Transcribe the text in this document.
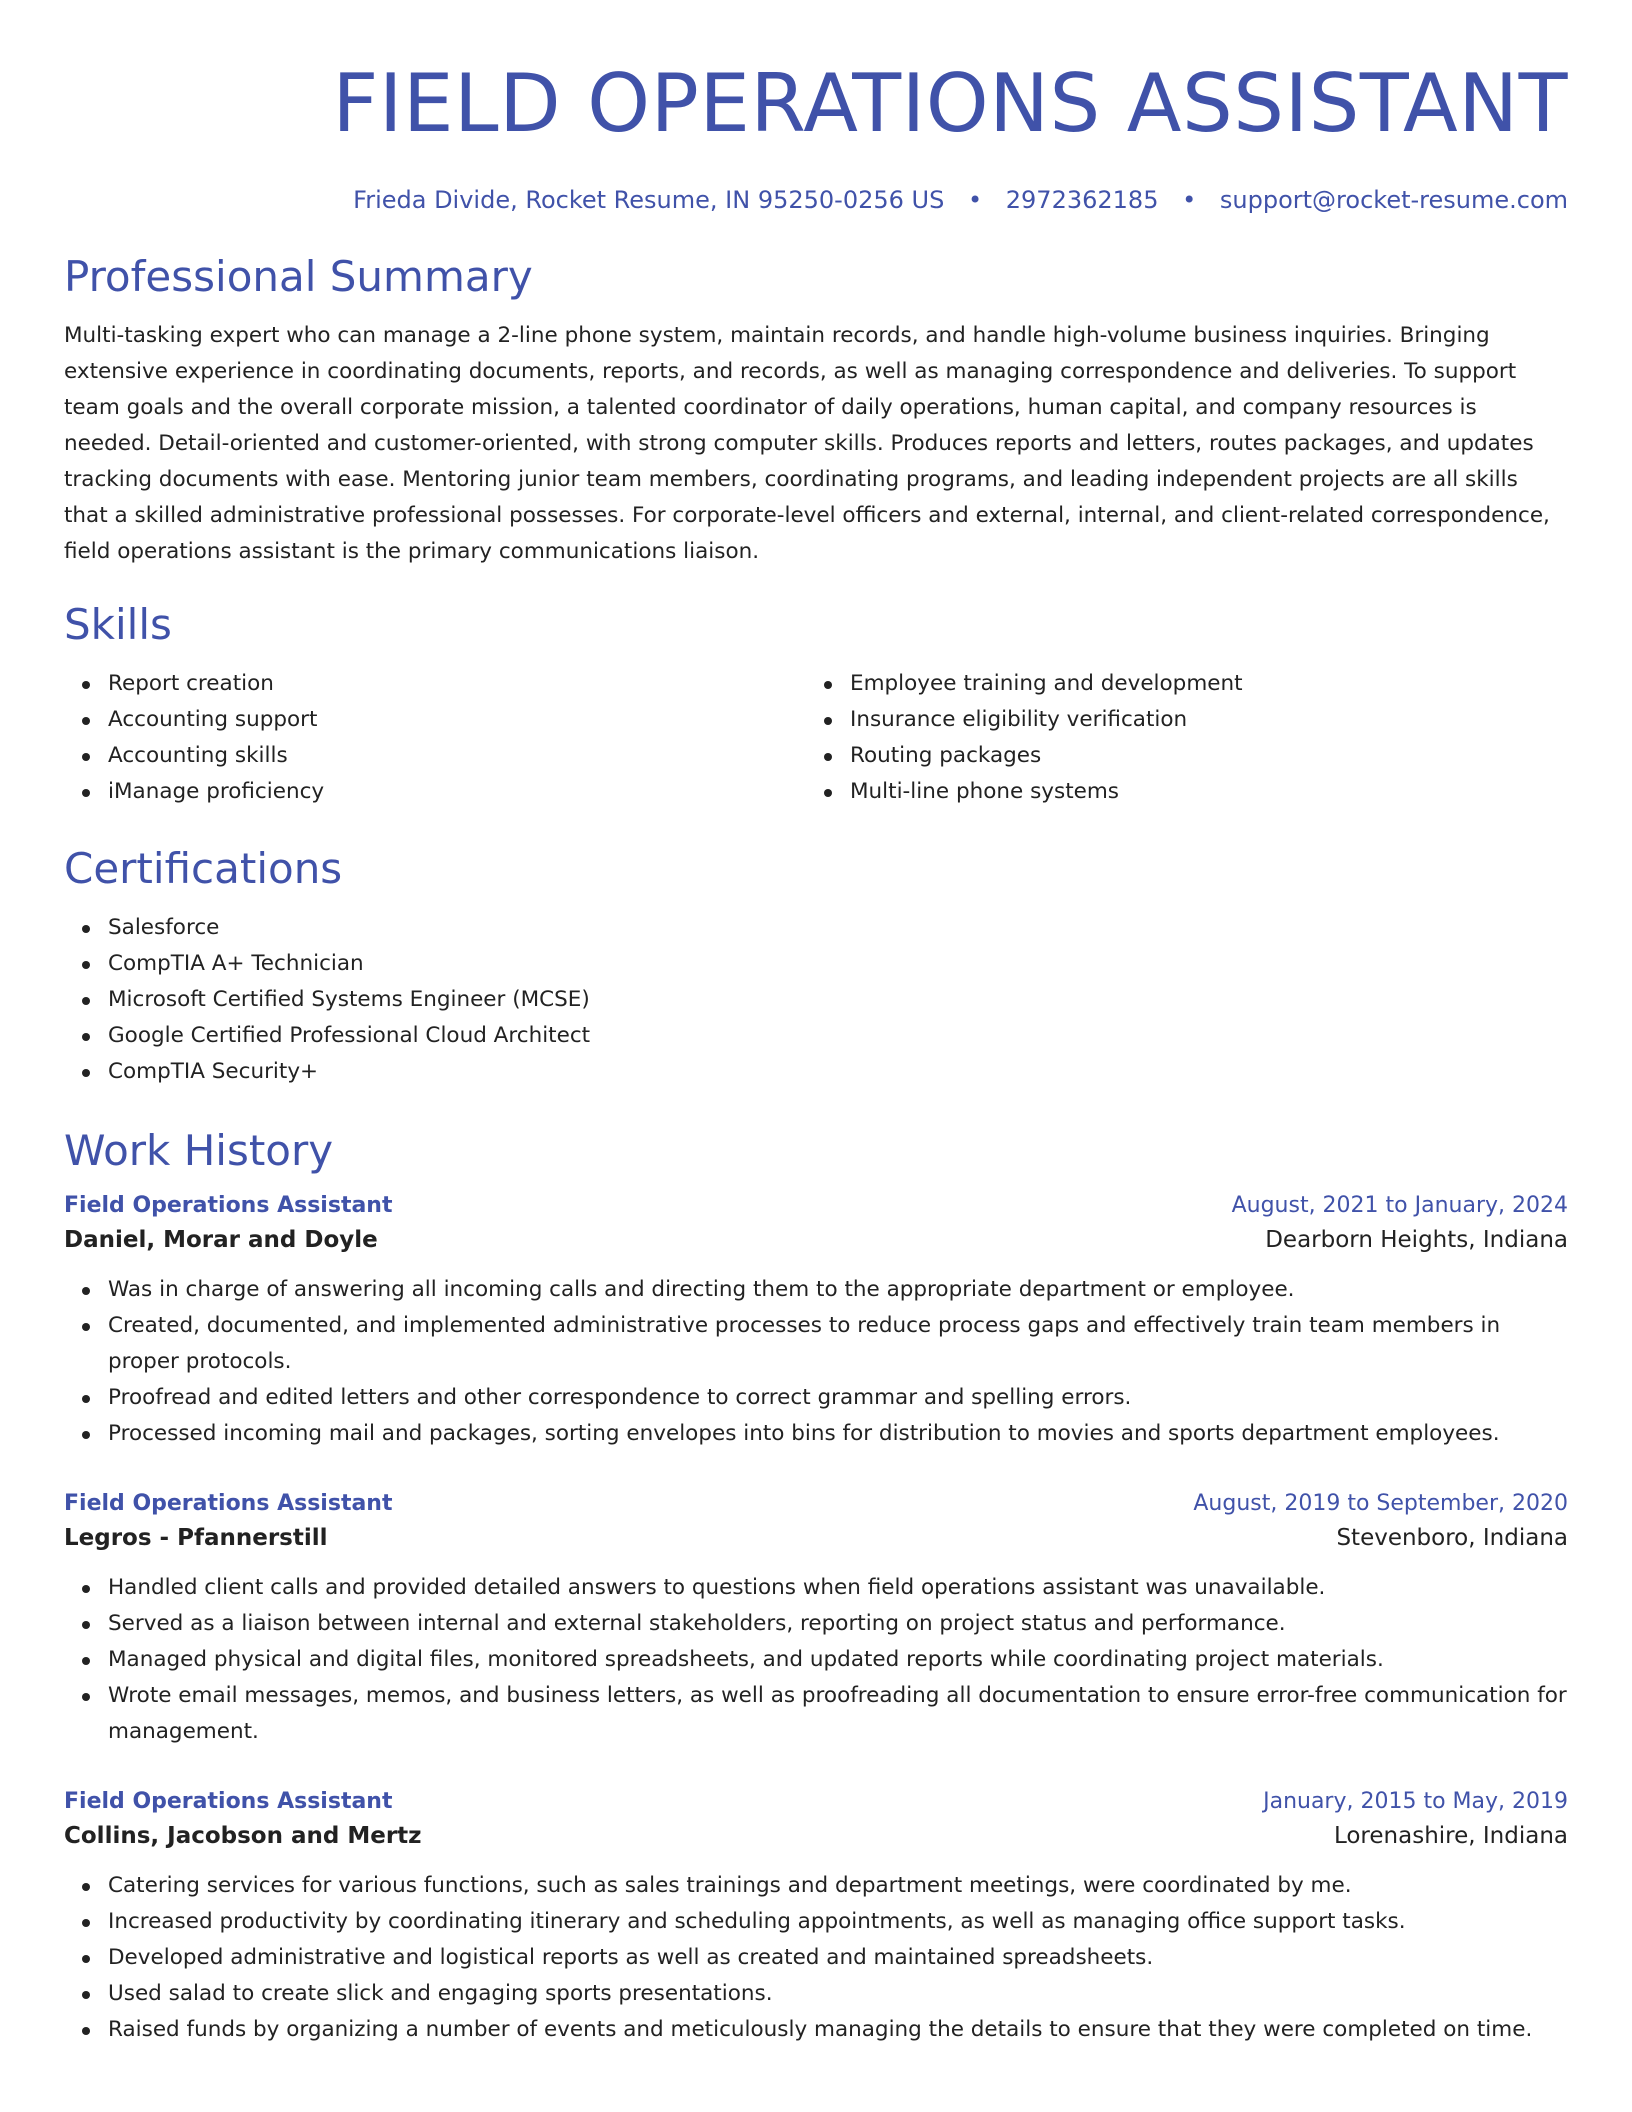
FIELD OPERATIONS ASSISTANT
Frieda Divide, Rocket Resume, IN 95250-0256 US • 2972362185 • support@rocket-resume.com
Professional Summary

Multi-tasking expert who can manage a 2-line phone system, maintain records, and handle high-volume business inquiries. Bringing extensive experience in coordinating documents, reports, and records, as well as managing correspondence and deliveries. To support team goals and the overall corporate mission, a talented coordinator of daily operations, human capital, and company resources is needed. Detail-oriented and customer-oriented, with strong computer skills. Produces reports and letters, routes packages, and updates tracking documents with ease. Mentoring junior team members, coordinating programs, and leading independent projects are all skills that a skilled administrative professional possesses. For corporate-level officers and external, internal, and client-related correspondence, field operations assistant is the primary communications liaison.

Skills
Report creation
Accounting support
Accounting skills
iManage proficiency
Employee training and development
Insurance eligibility verification
Routing packages
Multi-line phone systems
Certifications
Salesforce
CompTIA A+ Technician
Microsoft Certified Systems Engineer (MCSE)
Google Certified Professional Cloud Architect
CompTIA Security+
Work History
Field Operations Assistant	August, 2021 to January, 2024
Daniel, Morar and Doyle	Dearborn Heights, Indiana
Was in charge of answering all incoming calls and directing them to the appropriate department or employee.
Created, documented, and implemented administrative processes to reduce process gaps and effectively train team members in proper protocols.
Proofread and edited letters and other correspondence to correct grammar and spelling errors.
Processed incoming mail and packages, sorting envelopes into bins for distribution to movies and sports department employees.
Field Operations Assistant	August, 2019 to September, 2020
Legros - Pfannerstill	Stevenboro, Indiana
Handled client calls and provided detailed answers to questions when field operations assistant was unavailable.
Served as a liaison between internal and external stakeholders, reporting on project status and performance.
Managed physical and digital files, monitored spreadsheets, and updated reports while coordinating project materials.
Wrote email messages, memos, and business letters, as well as proofreading all documentation to ensure error-free communication for management.
Field Operations Assistant	January, 2015 to May, 2019
Collins, Jacobson and Mertz	Lorenashire, Indiana
Catering services for various functions, such as sales trainings and department meetings, were coordinated by me.
Increased productivity by coordinating itinerary and scheduling appointments, as well as managing office support tasks.
Developed administrative and logistical reports as well as created and maintained spreadsheets.
Used salad to create slick and engaging sports presentations.
Raised funds by organizing a number of events and meticulously managing the details to ensure that they were completed on time.
